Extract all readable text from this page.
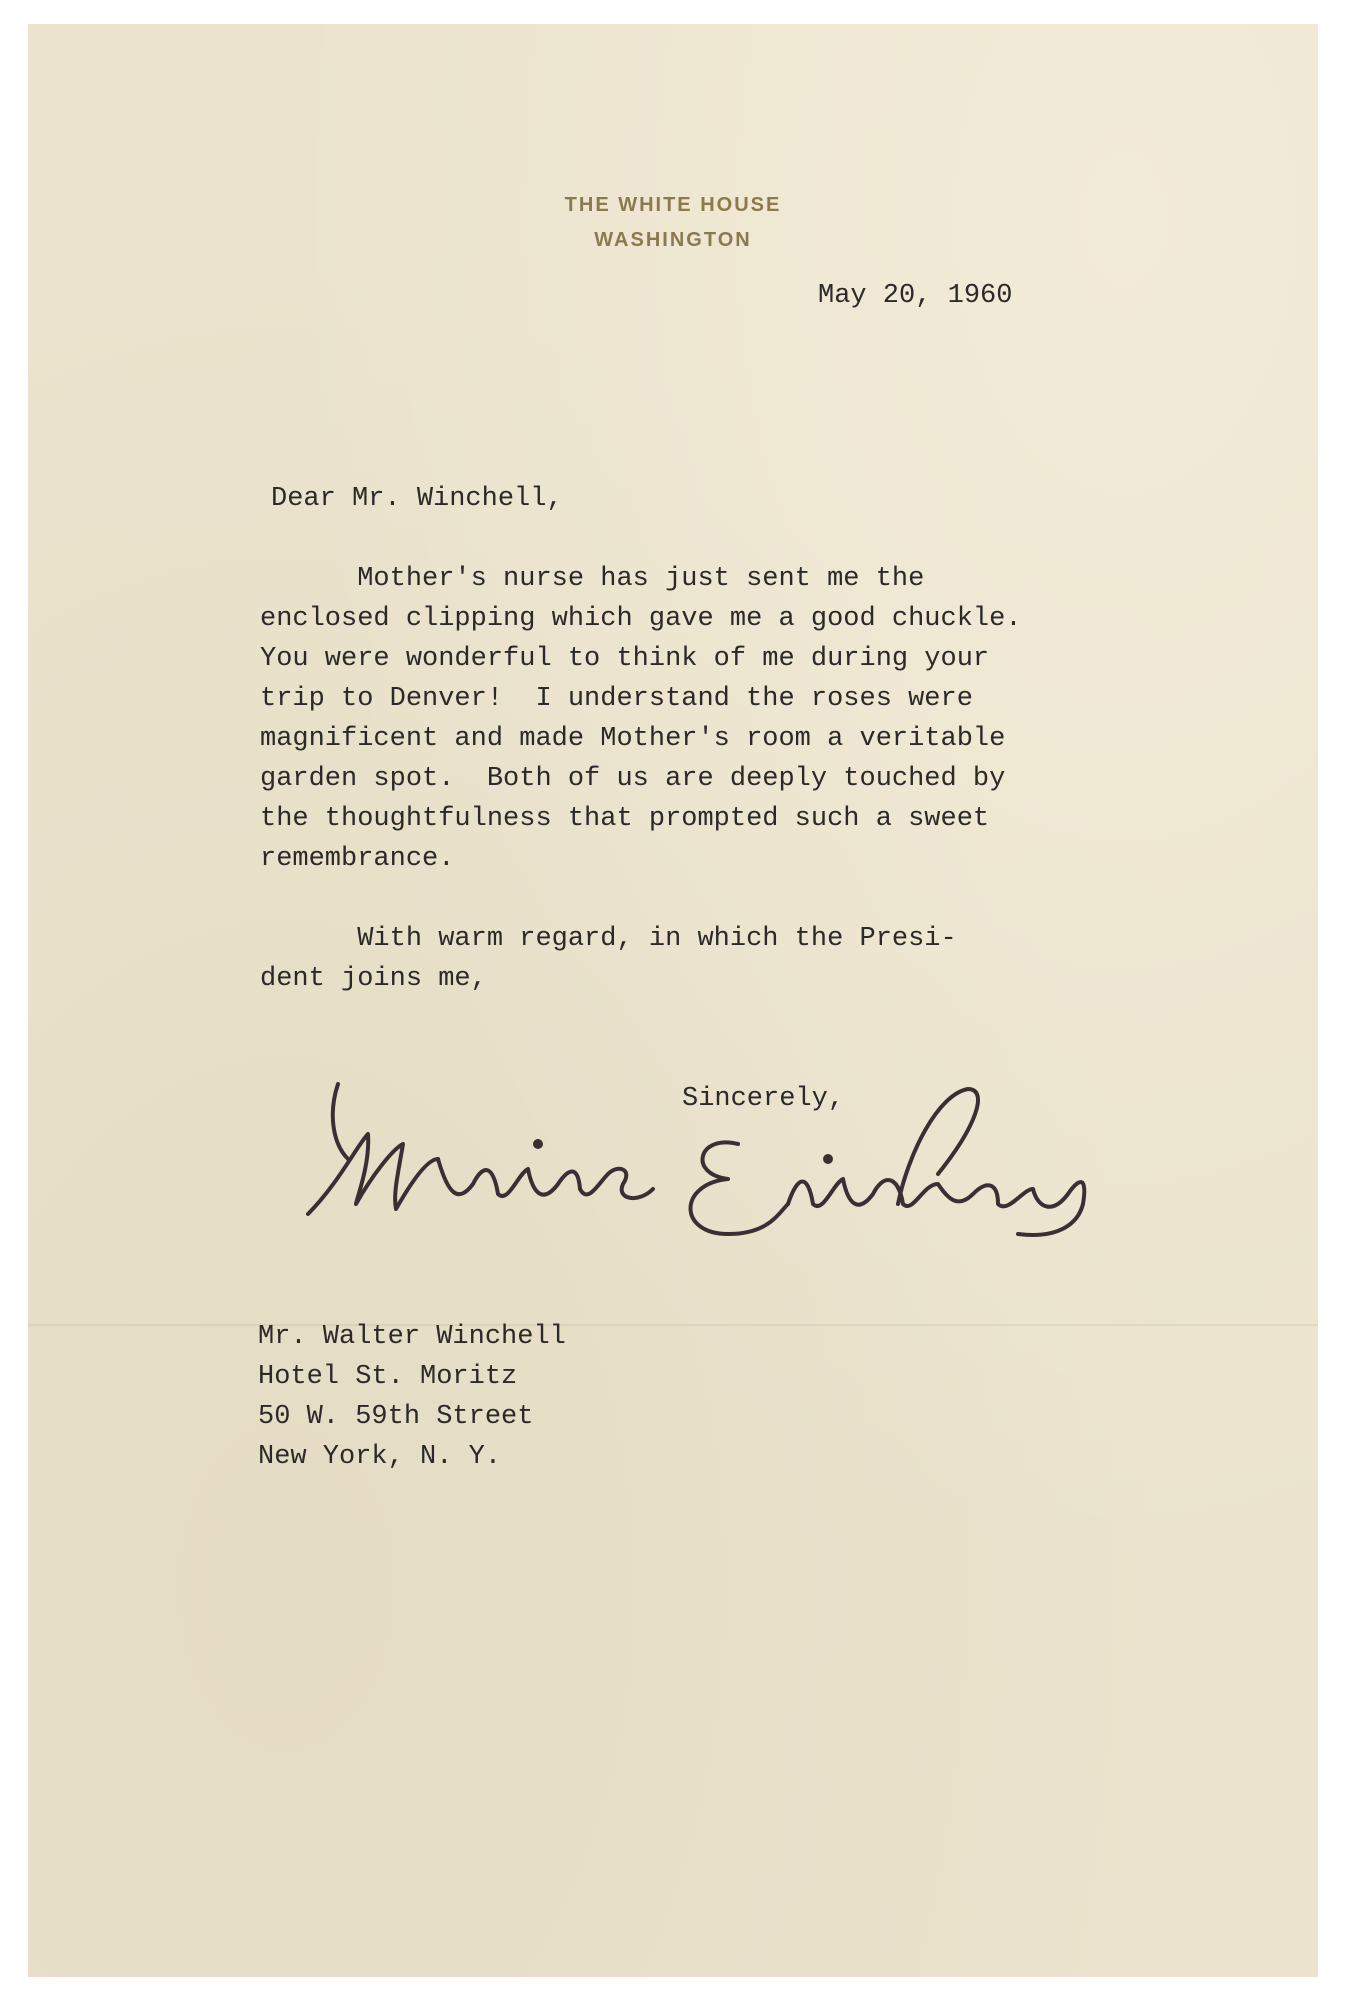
THE WHITE HOUSE
WASHINGTON

May 20, 1960

Dear Mr. Winchell,

Mother's nurse has just sent me the

enclosed clipping which gave me a good chuckle.

You were wonderful to think of me during your

trip to Denver!  I understand the roses were

magnificent and made Mother's room a veritable

garden spot.  Both of us are deeply touched by

the thoughtfulness that prompted such a sweet

remembrance.

With warm regard, in which the Presi-

dent joins me,

Sincerely,

Mr. Walter Winchell

Hotel St. Moritz

50 W. 59th Street

New York, N. Y.
